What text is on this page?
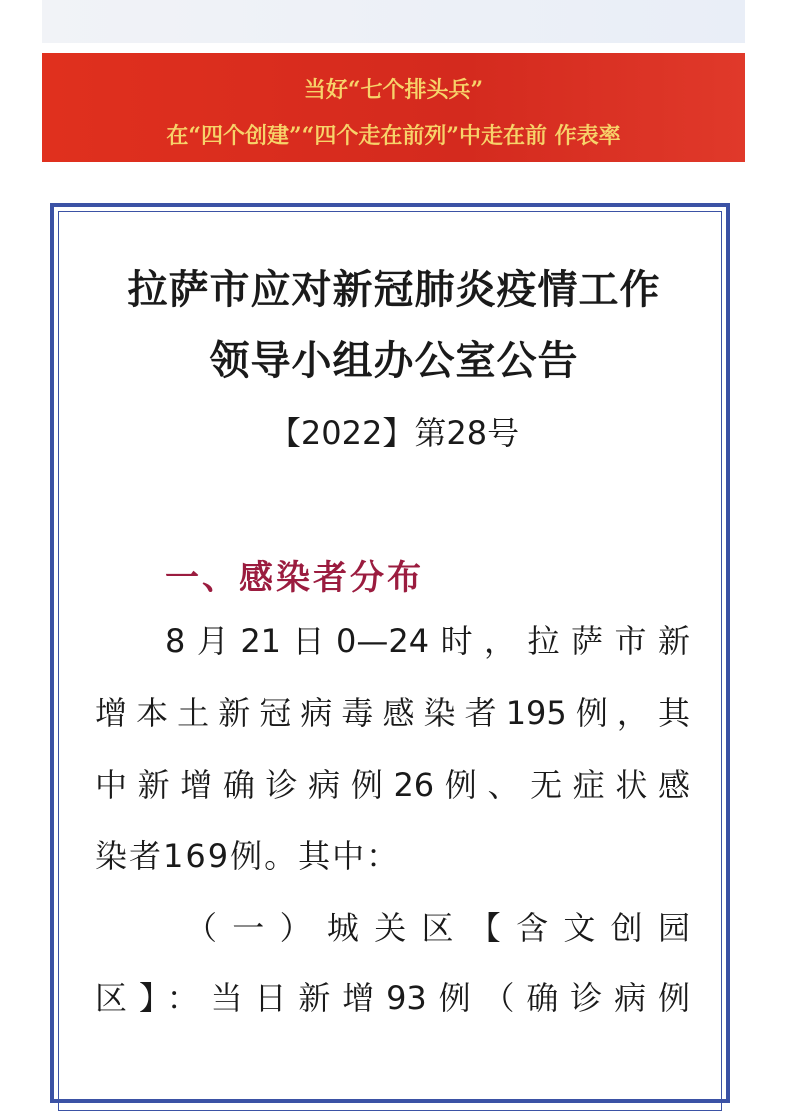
当好“七个排头兵”
在“四个创建”“四个走在前列”中走在前 作表率
拉萨市应对新冠肺炎疫情工作
领导小组办公室公告
【2022】第28号
一、感染者分布
8月21日0—24时，拉萨市新
增本土新冠病毒感染者195例，其
中新增确诊病例26例、无症状感
染者169例。其中：
（一）城关区【含文创园
区】：当日新增93例（确诊病例
